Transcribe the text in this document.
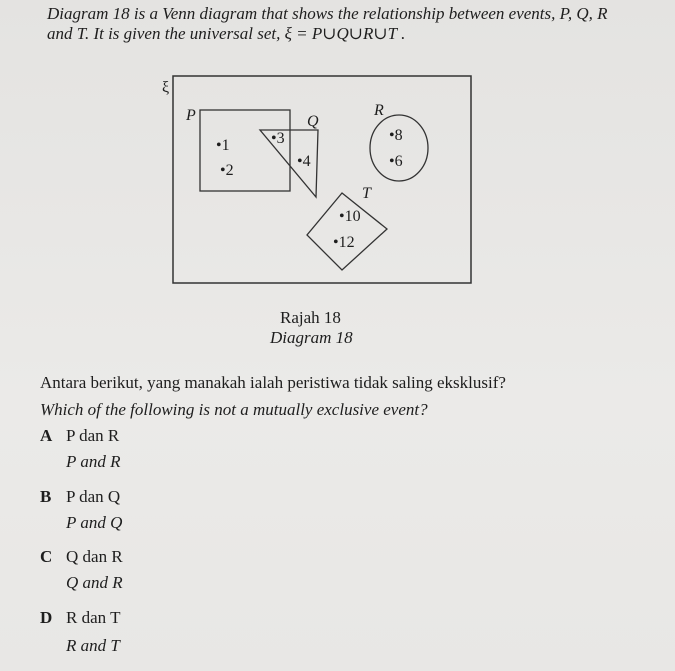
Diagram 18 is a Venn diagram that shows the relationship between events, P, Q, R
and T. It is given the universal set, ξ = P∪Q∪R∪T .
ξ
P	Q
R
T
•1
•2
•3
•4
•8
•6
•10
•12
Rajah 18
Diagram 18
Antara berikut, yang manakah ialah peristiwa tidak saling eksklusif?
Which of the following is not a mutually exclusive event?
A P dan R
P and R
B P dan Q
P and Q
C Q dan R
Q and R
D R dan T
R and T
